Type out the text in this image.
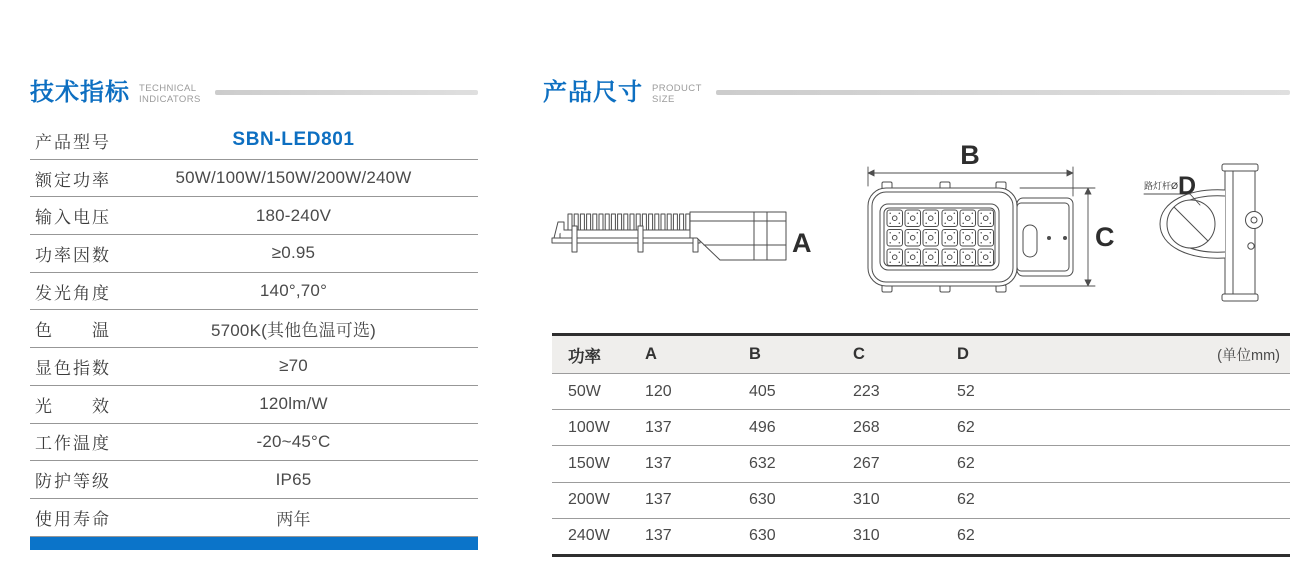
技术指标 TECHNICAL
INDICATORS
产品型号	SBN-LED801
额定功率	50W/100W/150W/200W/240W
输入电压	180-240V
功率因数	≥0.95
发光角度	140°,70°
色温	5700K(其他色温可选)
显色指数	≥70
光效	120lm/W
工作温度	-20~45°C
防护等级	IP65
使用寿命	两年
产品尺寸 PRODUCT
SIZE
A
B
C
路灯杆Ø D
功率	A	B	C	D	(单位mm)
50W	120	405	223	52
100W	137	496	268	62
150W	137	632	267	62
200W	137	630	310	62
240W	137	630	310	62
